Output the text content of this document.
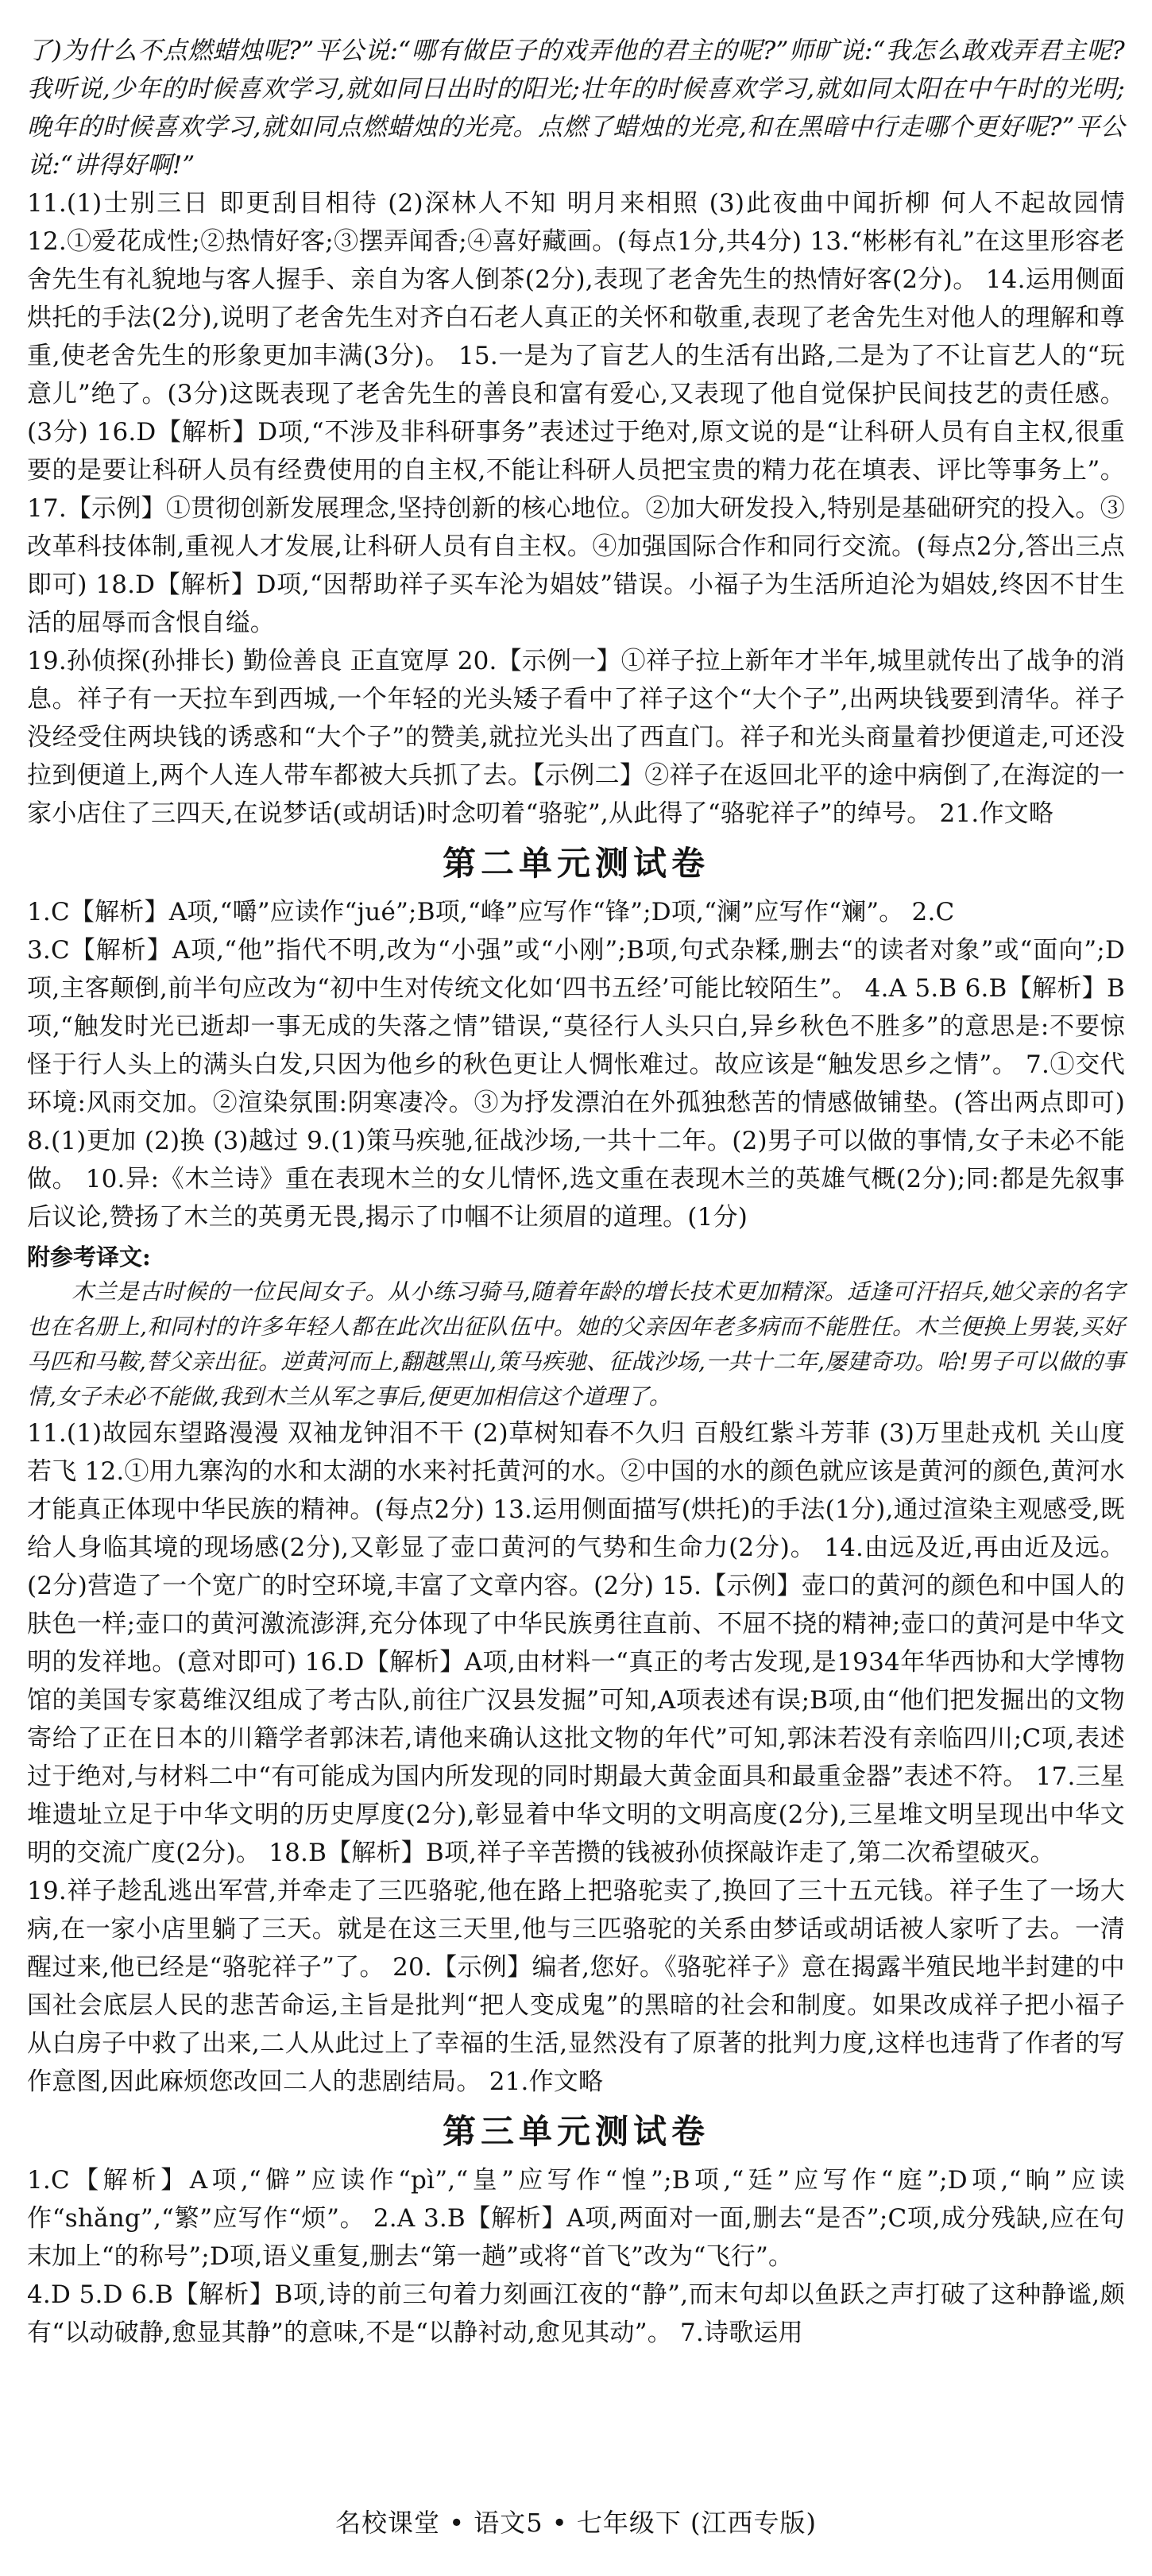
了)为什么不点燃蜡烛呢?”平公说:“哪有做臣子的戏弄他的君主的呢?”师旷说:“我怎么敢戏弄君主呢? 我听说,少年的时候喜欢学习,就如同日出时的阳光;壮年的时候喜欢学习,就如同太阳在中午时的光明;晚年的时候喜欢学习,就如同点燃蜡烛的光亮。点燃了蜡烛的光亮,和在黑暗中行走哪个更好呢?”平公说:“讲得好啊!”

11.(1)士别三日 即更刮目相待 (2)深林人不知 明月来相照 (3)此夜曲中闻折柳 何人不起故园情 12.①爱花成性;②热情好客;③摆弄闻香;④喜好藏画。(每点1分,共4分) 13.“彬彬有礼”在这里形容老舍先生有礼貌地与客人握手、亲自为客人倒茶(2分),表现了老舍先生的热情好客(2分)。 14.运用侧面烘托的手法(2分),说明了老舍先生对齐白石老人真正的关怀和敬重,表现了老舍先生对他人的理解和尊重,使老舍先生的形象更加丰满(3分)。 15.一是为了盲艺人的生活有出路,二是为了不让盲艺人的“玩意儿”绝了。(3分)这既表现了老舍先生的善良和富有爱心,又表现了他自觉保护民间技艺的责任感。(3分) 16.D【解析】D项,“不涉及非科研事务”表述过于绝对,原文说的是“让科研人员有自主权,很重要的是要让科研人员有经费使用的自主权,不能让科研人员把宝贵的精力花在填表、评比等事务上”。 17.【示例】①贯彻创新发展理念,坚持创新的核心地位。②加大研发投入,特别是基础研究的投入。③改革科技体制,重视人才发展,让科研人员有自主权。④加强国际合作和同行交流。(每点2分,答出三点即可) 18.D【解析】D项,“因帮助祥子买车沦为娼妓”错误。小福子为生活所迫沦为娼妓,终因不甘生活的屈辱而含恨自缢。

19.孙侦探(孙排长) 勤俭善良 正直宽厚 20.【示例一】①祥子拉上新年才半年,城里就传出了战争的消息。祥子有一天拉车到西城,一个年轻的光头矮子看中了祥子这个“大个子”,出两块钱要到清华。祥子没经受住两块钱的诱惑和“大个子”的赞美,就拉光头出了西直门。祥子和光头商量着抄便道走,可还没拉到便道上,两个人连人带车都被大兵抓了去。【示例二】②祥子在返回北平的途中病倒了,在海淀的一家小店住了三四天,在说梦话(或胡话)时念叨着“骆驼”,从此得了“骆驼祥子”的绰号。 21.作文略

第二单元测试卷

1.C【解析】A项,“嚼”应读作“jué”;B项,“峰”应写作“锋”;D项,“澜”应写作“斓”。 2.C

3.C【解析】A项,“他”指代不明,改为“小强”或“小刚”;B项,句式杂糅,删去“的读者对象”或“面向”;D项,主客颠倒,前半句应改为“初中生对传统文化如‘四书五经’可能比较陌生”。 4.A 5.B 6.B【解析】B项,“触发时光已逝却一事无成的失落之情”错误,“莫径行人头只白,异乡秋色不胜多”的意思是:不要惊怪于行人头上的满头白发,只因为他乡的秋色更让人惆怅难过。故应该是“触发思乡之情”。 7.①交代环境:风雨交加。②渲染氛围:阴寒凄冷。③为抒发漂泊在外孤独愁苦的情感做铺垫。(答出两点即可) 8.(1)更加 (2)换 (3)越过 9.(1)策马疾驰,征战沙场,一共十二年。(2)男子可以做的事情,女子未必不能做。 10.异:《木兰诗》重在表现木兰的女儿情怀,选文重在表现木兰的英雄气概(2分);同:都是先叙事后议论,赞扬了木兰的英勇无畏,揭示了巾帼不让须眉的道理。(1分)

附参考译文:

木兰是古时候的一位民间女子。从小练习骑马,随着年龄的增长技术更加精深。适逢可汗招兵,她父亲的名字也在名册上,和同村的许多年轻人都在此次出征队伍中。她的父亲因年老多病而不能胜任。木兰便换上男装,买好马匹和马鞍,替父亲出征。逆黄河而上,翻越黑山,策马疾驰、征战沙场,一共十二年,屡建奇功。哈!男子可以做的事情,女子未必不能做,我到木兰从军之事后,便更加相信这个道理了。

11.(1)故园东望路漫漫 双袖龙钟泪不干 (2)草树知春不久归 百般红紫斗芳菲 (3)万里赴戎机 关山度若飞 12.①用九寨沟的水和太湖的水来衬托黄河的水。②中国的水的颜色就应该是黄河的颜色,黄河水才能真正体现中华民族的精神。(每点2分) 13.运用侧面描写(烘托)的手法(1分),通过渲染主观感受,既给人身临其境的现场感(2分),又彰显了壶口黄河的气势和生命力(2分)。 14.由远及近,再由近及远。(2分)营造了一个宽广的时空环境,丰富了文章内容。(2分) 15.【示例】壶口的黄河的颜色和中国人的肤色一样;壶口的黄河激流澎湃,充分体现了中华民族勇往直前、不屈不挠的精神;壶口的黄河是中华文明的发祥地。(意对即可) 16.D【解析】A项,由材料一“真正的考古发现,是1934年华西协和大学博物馆的美国专家葛维汉组成了考古队,前往广汉县发掘”可知,A项表述有误;B项,由“他们把发掘出的文物寄给了正在日本的川籍学者郭沫若,请他来确认这批文物的年代”可知,郭沫若没有亲临四川;C项,表述过于绝对,与材料二中“有可能成为国内所发现的同时期最大黄金面具和最重金器”表述不符。 17.三星堆遗址立足于中华文明的历史厚度(2分),彰显着中华文明的文明高度(2分),三星堆文明呈现出中华文明的交流广度(2分)。 18.B【解析】B项,祥子辛苦攒的钱被孙侦探敲诈走了,第二次希望破灭。

19.祥子趁乱逃出军营,并牵走了三匹骆驼,他在路上把骆驼卖了,换回了三十五元钱。祥子生了一场大病,在一家小店里躺了三天。就是在这三天里,他与三匹骆驼的关系由梦话或胡话被人家听了去。一清醒过来,他已经是“骆驼祥子”了。 20.【示例】编者,您好。《骆驼祥子》意在揭露半殖民地半封建的中国社会底层人民的悲苦命运,主旨是批判“把人变成鬼”的黑暗的社会和制度。如果改成祥子把小福子从白房子中救了出来,二人从此过上了幸福的生活,显然没有了原著的批判力度,这样也违背了作者的写作意图,因此麻烦您改回二人的悲剧结局。 21.作文略

第三单元测试卷

1.C【解析】A项,“僻”应读作“pì”,“皇”应写作“惶”;B项,“廷”应写作“庭”;D项,“晌”应读作“shǎng”,“繁”应写作“烦”。 2.A 3.B【解析】A项,两面对一面,删去“是否”;C项,成分残缺,应在句末加上“的称号”;D项,语义重复,删去“第一趟”或将“首飞”改为“飞行”。

4.D 5.D 6.B【解析】B项,诗的前三句着力刻画江夜的“静”,而末句却以鱼跃之声打破了这种静谧,颇有“以动破静,愈显其静”的意味,不是“以静衬动,愈见其动”。 7.诗歌运用

名校课堂 • 语文5 • 七年级下 (江西专版)
